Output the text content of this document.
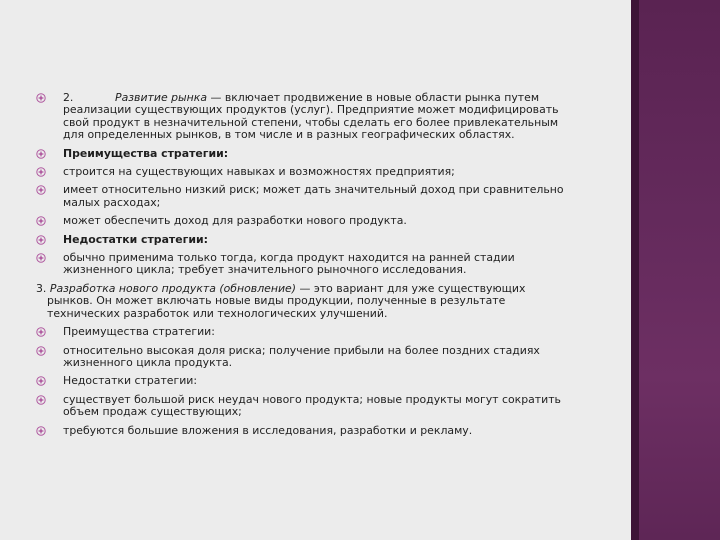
2.	Развитие рынка — включает продвижение в новые области рынка путем
реализации существующих продуктов (услуг). Предприятие может модифицировать
свой продукт в незначительной степени, чтобы сделать его более привлекательным
для определенных рынков, в том числе и в разных географических областях.
Преимущества стратегии:
строится на существующих навыках и возможностях предприятия;
имеет относительно низкий риск; может дать значительный доход при сравнительно
малых расходах;
может обеспечить доход для разработки нового продукта.
Недостатки стратегии:
обычно применима только тогда, когда продукт находится на ранней стадии
жизненного цикла; требует значительного рыночного исследования.
3. Разработка нового продукта (обновление) — это вариант для уже существующих
рынков. Он может включать новые виды продукции, полученные в результате
технических разработок или технологических улучшений.
Преимущества стратегии:
относительно высокая доля риска; получение прибыли на более поздних стадиях
жизненного цикла продукта.
Недостатки стратегии:
существует большой риск неудач нового продукта; новые продукты могут сократить
объем продаж существующих;
требуются большие вложения в исследования, разработки и рекламу.
